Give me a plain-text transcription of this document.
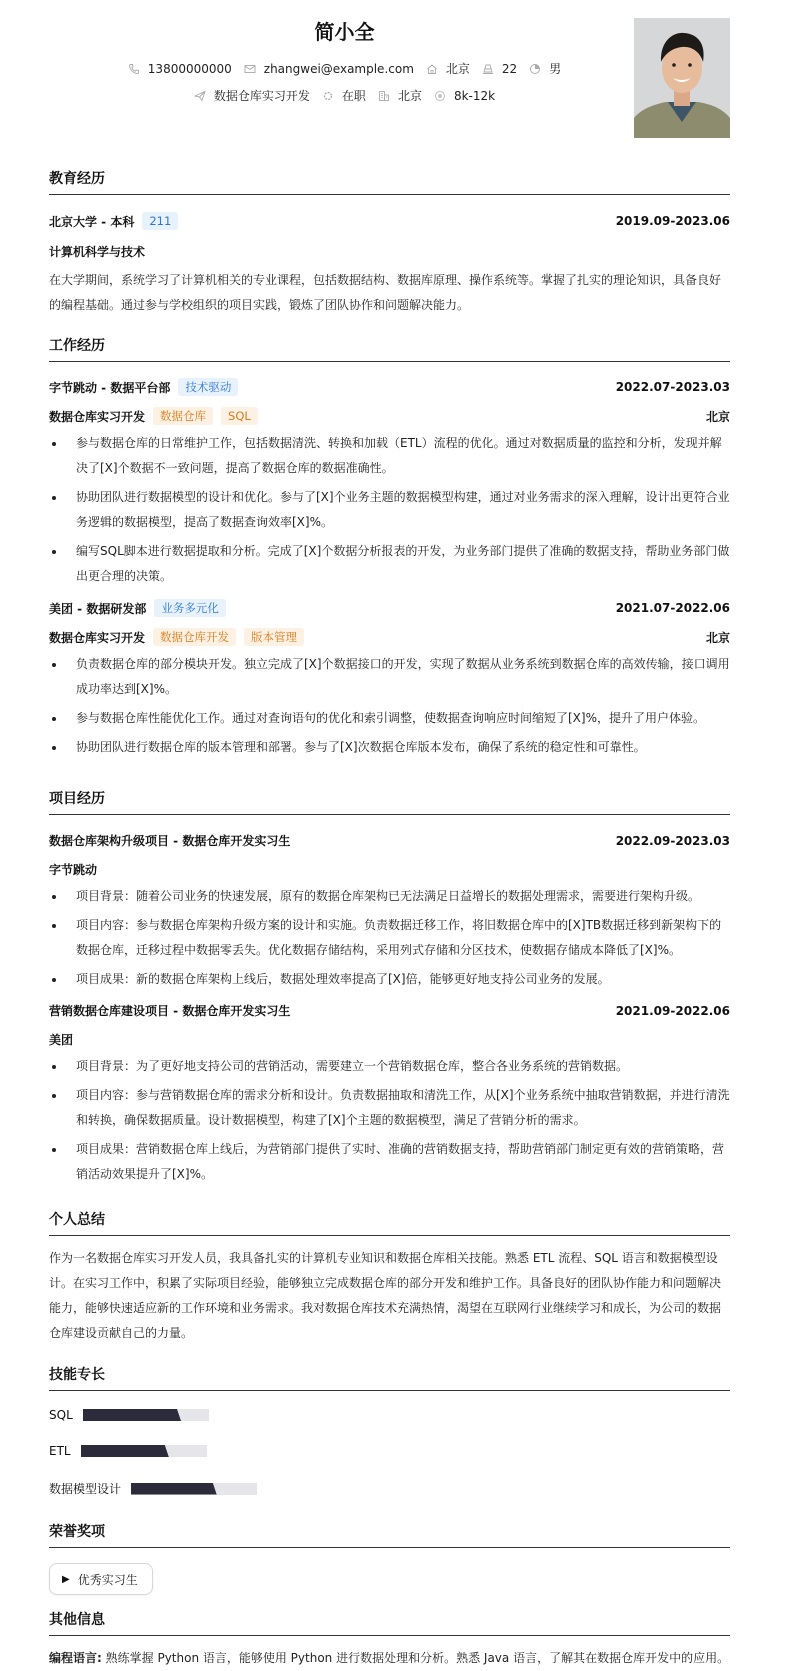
简小全
13800000000	zhangwei@example.com	北京	22	男
数据仓库实习开发	在职	北京	8k-12k
教育经历
北京大学 - 本科	211	2019.09-2023.06
计算机科学与技术
在大学期间，系统学习了计算机相关的专业课程，包括数据结构、数据库原理、操作系统等。掌握了扎实的理论知识，具备良好的编程基础。通过参与学校组织的项目实践，锻炼了团队协作和问题解决能力。
工作经历
字节跳动 - 数据平台部	技术驱动	2022.07-2023.03
数据仓库实习开发	数据仓库	SQL	北京
参与数据仓库的日常维护工作，包括数据清洗、转换和加载（ETL）流程的优化。通过对数据质量的监控和分析，发现并解决了[X]个数据不一致问题，提高了数据仓库的数据准确性。
协助团队进行数据模型的设计和优化。参与了[X]个业务主题的数据模型构建，通过对业务需求的深入理解，设计出更符合业务逻辑的数据模型，提高了数据查询效率[X]%。
编写SQL脚本进行数据提取和分析。完成了[X]个数据分析报表的开发，为业务部门提供了准确的数据支持，帮助业务部门做出更合理的决策。
美团 - 数据研发部	业务多元化	2021.07-2022.06
数据仓库实习开发	数据仓库开发	版本管理	北京
负责数据仓库的部分模块开发。独立完成了[X]个数据接口的开发，实现了数据从业务系统到数据仓库的高效传输，接口调用成功率达到[X]%。
参与数据仓库性能优化工作。通过对查询语句的优化和索引调整，使数据查询响应时间缩短了[X]%，提升了用户体验。
协助团队进行数据仓库的版本管理和部署。参与了[X]次数据仓库版本发布，确保了系统的稳定性和可靠性。
项目经历
数据仓库架构升级项目 - 数据仓库开发实习生	2022.09-2023.03
字节跳动
项目背景：随着公司业务的快速发展，原有的数据仓库架构已无法满足日益增长的数据处理需求，需要进行架构升级。
项目内容：参与数据仓库架构升级方案的设计和实施。负责数据迁移工作，将旧数据仓库中的[X]TB数据迁移到新架构下的数据仓库，迁移过程中数据零丢失。优化数据存储结构，采用列式存储和分区技术，使数据存储成本降低了[X]%。
项目成果：新的数据仓库架构上线后，数据处理效率提高了[X]倍，能够更好地支持公司业务的发展。
营销数据仓库建设项目 - 数据仓库开发实习生	2021.09-2022.06
美团
项目背景：为了更好地支持公司的营销活动，需要建立一个营销数据仓库，整合各业务系统的营销数据。
项目内容：参与营销数据仓库的需求分析和设计。负责数据抽取和清洗工作，从[X]个业务系统中抽取营销数据，并进行清洗和转换，确保数据质量。设计数据模型，构建了[X]个主题的数据模型，满足了营销分析的需求。
项目成果：营销数据仓库上线后，为营销部门提供了实时、准确的营销数据支持，帮助营销部门制定更有效的营销策略，营销活动效果提升了[X]%。
个人总结
作为一名数据仓库实习开发人员，我具备扎实的计算机专业知识和数据仓库相关技能。熟悉 ETL 流程、SQL 语言和数据模型设计。在实习工作中，积累了实际项目经验，能够独立完成数据仓库的部分开发和维护工作。具备良好的团队协作能力和问题解决能力，能够快速适应新的工作环境和业务需求。我对数据仓库技术充满热情，渴望在互联网行业继续学习和成长，为公司的数据仓库建设贡献自己的力量。
技能专长
SQL
ETL
数据模型设计
荣誉奖项
▶ 优秀实习生
其他信息
编程语言: 熟练掌握 Python 语言，能够使用 Python 进行数据处理和分析。熟悉 Java 语言，了解其在数据仓库开发中的应用。
